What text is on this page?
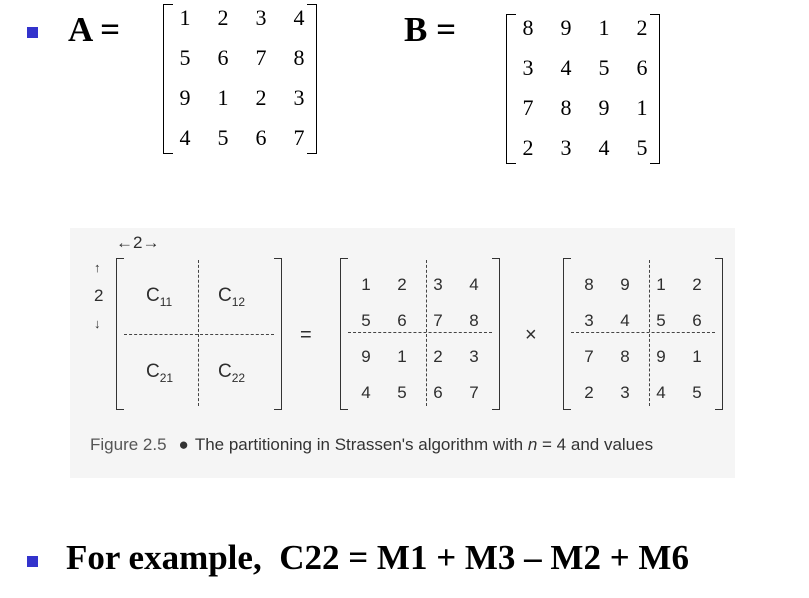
A =	1	2	3	4
5	6	7	8
9	1	2	3
4	5	6	7
B =	8	9	1	2
3	4	5	6
7	8	9	1
2	3	4	5
←2→
↑
2
↓
$C_{11}$ $C_{12}$
$C_{21}$ $C_{22}$
=
1	2	3	4
5	6	7	8
9	1	2	3
4	5	6	7
×
8	9	1	2
3	4	5	6
7	8	9	1
2	3	4	5
Figure 2.5 ● The partitioning in Strassen's algorithm with n = 4 and values
For example, C22 = M1 + M3 – M2 + M6
